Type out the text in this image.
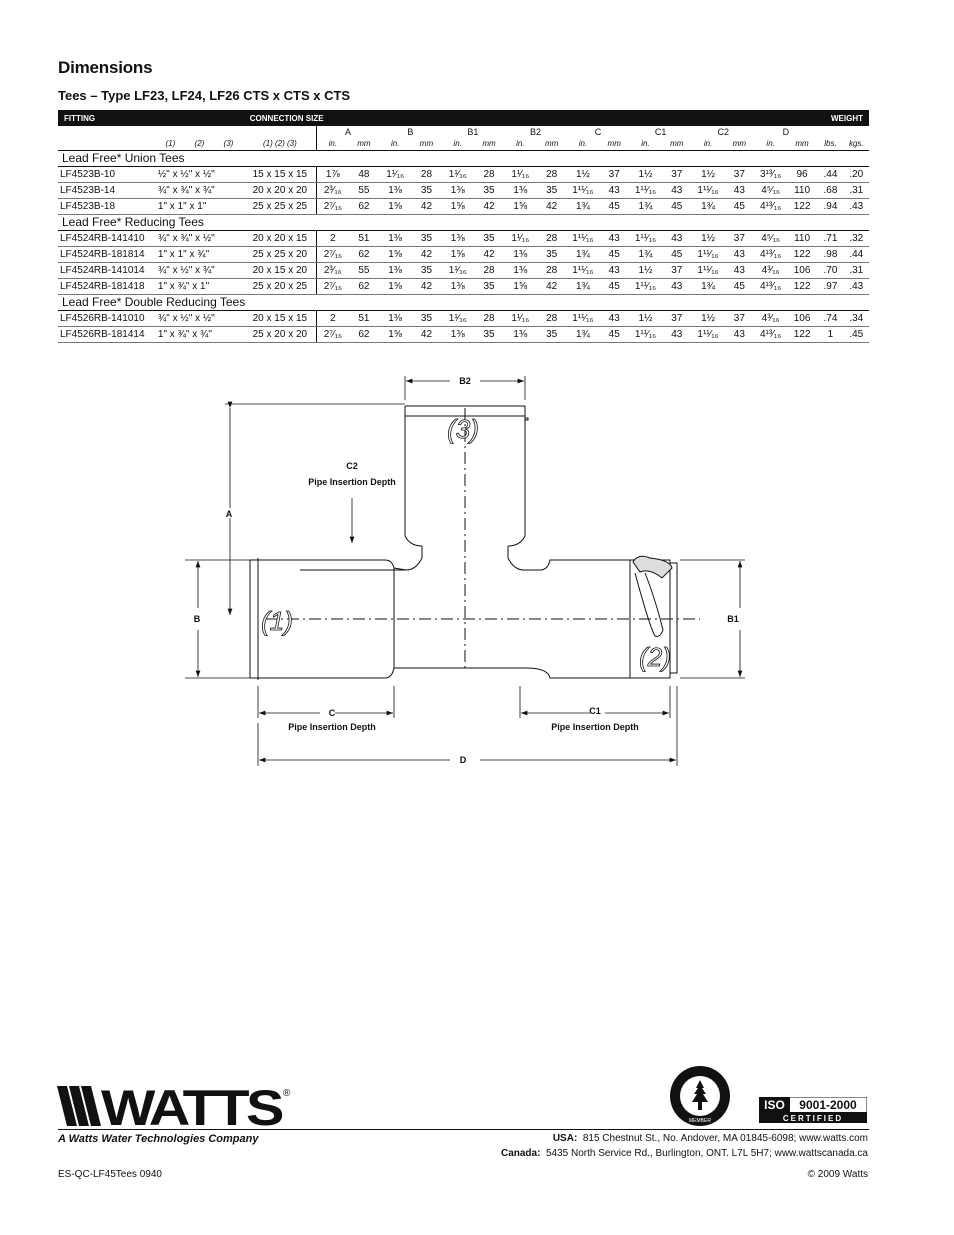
Dimensions
Tees – Type LF23, LF24, LF26 CTS x CTS x CTS
FITTING		CONNECTION SIZE																	WEIGHT	
			A		B		B1		B2		C		C1		C2		D			
	(1) (2) (3)	(1) (2) (3)	in.	mm	in.	mm	in.	mm	in.	mm	in.	mm	in.	mm	in.	mm	in.	mm	lbs.	kgs.
Lead Free* Union Tees																				
LF4523B-10	½" x ½" x ½"	15 x 15 x 15	1⅞	48	1¹⁄₁₆	28	1¹⁄₁₆	28	1¹⁄₁₆	28	1½	37	1½	37	1½	37	3¹³⁄₁₆	96	.44	.20
LF4523B-14	¾" x ¾" x ¾"	20 x 20 x 20	2³⁄₁₆	55	1⅜	35	1⅜	35	1⅜	35	1¹¹⁄₁₆	43	1¹¹⁄₁₆	43	1¹¹⁄₁₆	43	4⁵⁄₁₆	110	.68	.31
LF4523B-18	1" x 1" x 1"	25 x 25 x 25	2⁷⁄₁₆	62	1⅝	42	1⅝	42	1⅝	42	1¾	45	1¾	45	1¾	45	4¹³⁄₁₆	122	.94	.43
Lead Free* Reducing Tees																				
LF4524RB-141410	¾" x ¾" x ½"	20 x 20 x 15	2	51	1⅜	35	1⅜	35	1¹⁄₁₆	28	1¹¹⁄₁₆	43	1¹¹⁄₁₆	43	1½	37	4⁵⁄₁₆	110	.71	.32
LF4524RB-181814	1" x 1" x ¾"	25 x 25 x 20	2⁷⁄₁₆	62	1⅝	42	1⅝	42	1⅜	35	1¾	45	1¾	45	1¹¹⁄₁₆	43	4¹³⁄₁₆	122	.98	.44
LF4524RB-141014	¾" x ½" x ¾"	20 x 15 x 20	2³⁄₁₆	55	1⅜	35	1¹⁄₁₆	28	1⅜	28	1¹¹⁄₁₆	43	1½	37	1¹¹⁄₁₆	43	4³⁄₁₆	106	.70	.31
LF4524RB-181418	1" x ¾" x 1"	25 x 20 x 25	2⁷⁄₁₆	62	1⅝	42	1⅜	35	1⅝	42	1¾	45	1¹¹⁄₁₆	43	1¾	45	4¹³⁄₁₆	122	.97	.43
Lead Free* Double Reducing Tees																				
LF4526RB-141010	¾" x ½" x ½"	20 x 15 x 15	2	51	1⅜	35	1¹⁄₁₆	28	1¹⁄₁₆	28	1¹¹⁄₁₆	43	1½	37	1½	37	4³⁄₁₆	106	.74	.34
LF4526RB-181414	1" x ¾" x ¾"	25 x 20 x 20	2⁷⁄₁₆	62	1⅝	42	1⅜	35	1⅜	35	1¾	45	1¹¹⁄₁₆	43	1¹¹⁄₁₆	43	4¹³⁄₁₆	122	1	.45
B2
C2
Pipe Insertion Depth
A
B	B1
C
Pipe Insertion Depth
C1
Pipe Insertion Depth
D
(3)
(1)
(2)
WATTS ®
A Watts Water Technologies Company	USA: 815 Chestnut St., No. Andover, MA 01845-6098; www.watts.com
Canada: 5435 North Service Rd., Burlington, ONT. L7L 5H7; www.wattscanada.ca
ES-QC-LF45Tees 0940	© 2009 Watts
MEMBER
ISO 9001-2000
CERTIFIED
